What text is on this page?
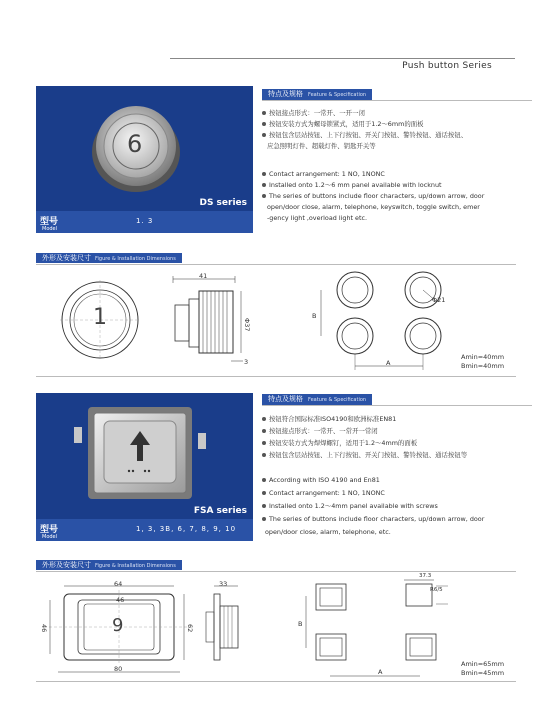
Push button Series
6
DS series
型号
Model
1. 3
特点及规格 Feature & Specification
按钮接点形式：一常开、一开一闭
按钮安装方式为螺母锁紧式，适用于1.2～6mm的面板
按钮包含层站按钮、上下行按钮、开关门按钮、警铃按钮、通话按钮、
应急照明灯件、超载灯件、钥匙开关等
Contact arrangement: 1 NO, 1NONC
Installed onto 1.2～6 mm panel available with locknut
The series of buttons include floor characters, up/down arrow, door
open/door close, alarm, telephone, keyswitch, toggle switch, emer
-gency light ,overload light etc.
外形及安装尺寸 Figure & Installation Dimensions
1
41
Φ37
3
Φ21
B
A
Amin=40mm
Bmin=40mm
FSA series
型号
Model
1, 3, 3B, 6, 7, 8, 9, 10
特点及规格 Feature & Specification
按钮符合国际标准ISO4190和欧洲标准EN81
按钮接点形式：一常开、一常开一常闭
按钮安装方式为焊焊螺钉，适用于1.2～4mm的面板
按钮包含层站按钮、上下行按钮、开关门按钮、警铃按钮、通话按钮等
According with ISO 4190 and En81
Contact arrangement: 1 NO, 1NONC
Installed onto 1.2～4mm panel available with screws
The series of buttons include floor characters, up/down arrow, door
open/door close, alarm, telephone, etc.
外形及安装尺寸 Figure & Installation Dimensions
64
46
46	62
80
9
33
37.3
R6/5
B
A
Amin=65mm
Bmin=45mm
